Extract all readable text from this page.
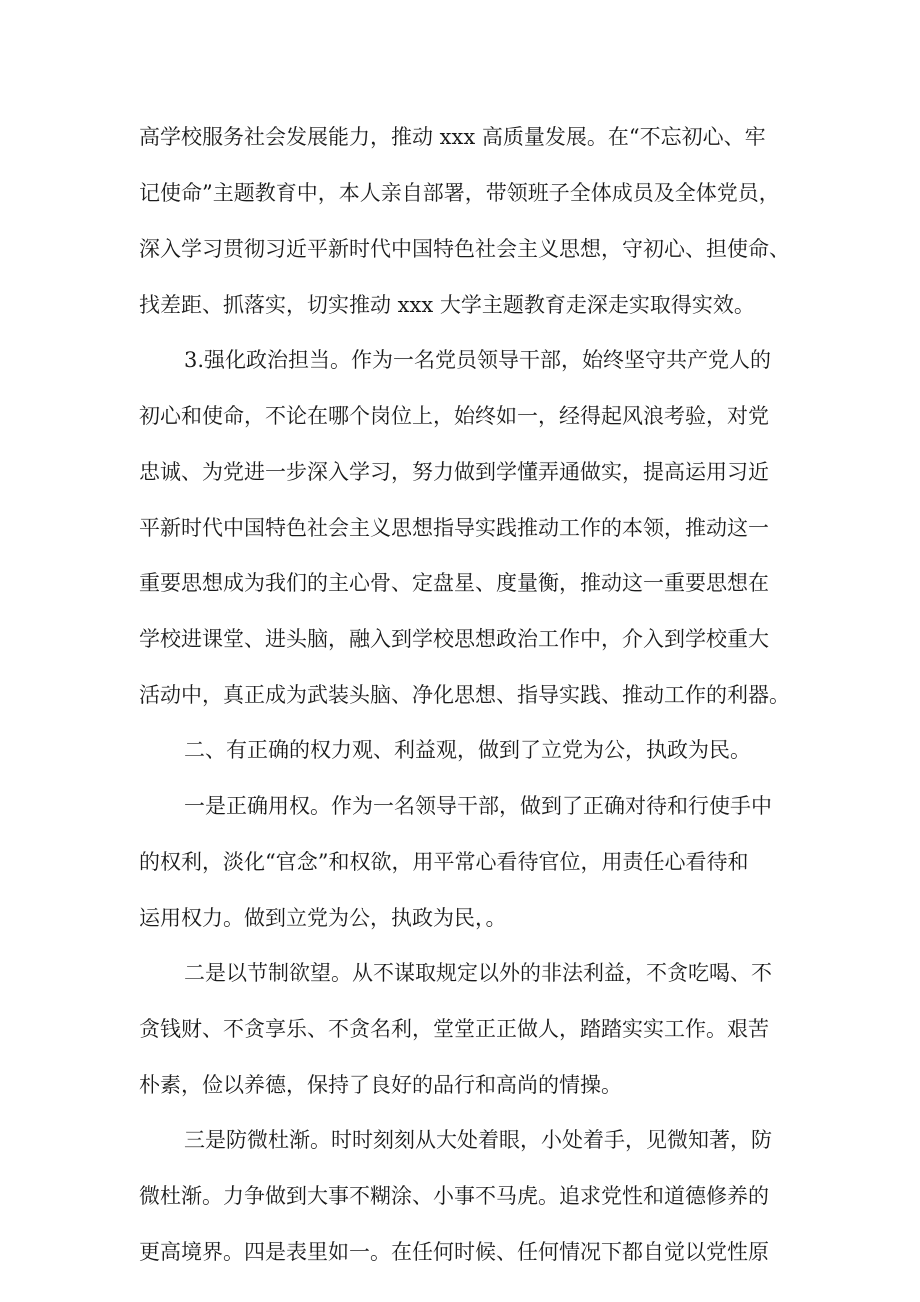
高学校服务社会发展能力，推动 xxx 高质量发展。在“不忘初心、牢
记使命”主题教育中，本人亲自部署，带领班子全体成员及全体党员，
深入学习贯彻习近平新时代中国特色社会主义思想，守初心、担使命、
找差距、抓落实，切实推动 xxx 大学主题教育走深走实取得实效。
3.强化政治担当。作为一名党员领导干部，始终坚守共产党人的
初心和使命，不论在哪个岗位上，始终如一，经得起风浪考验，对党
忠诚、为党进一步深入学习，努力做到学懂弄通做实，提高运用习近
平新时代中国特色社会主义思想指导实践推动工作的本领，推动这一
重要思想成为我们的主心骨、定盘星、度量衡，推动这一重要思想在
学校进课堂、进头脑，融入到学校思想政治工作中，介入到学校重大
活动中，真正成为武装头脑、净化思想、指导实践、推动工作的利器。
二、有正确的权力观、利益观，做到了立党为公，执政为民。
一是正确用权。作为一名领导干部，做到了正确对待和行使手中
的权利，淡化“官念”和权欲，用平常心看待官位，用责任心看待和
运用权力。做到立党为公，执政为民，。
二是以节制欲望。从不谋取规定以外的非法利益，不贪吃喝、不
贪钱财、不贪享乐、不贪名利，堂堂正正做人，踏踏实实工作。艰苦
朴素，俭以养德，保持了良好的品行和高尚的情操。
三是防微杜渐。时时刻刻从大处着眼，小处着手，见微知著，防
微杜渐。力争做到大事不糊涂、小事不马虎。追求党性和道德修养的
更高境界。四是表里如一。在任何时候、任何情况下都自觉以党性原
